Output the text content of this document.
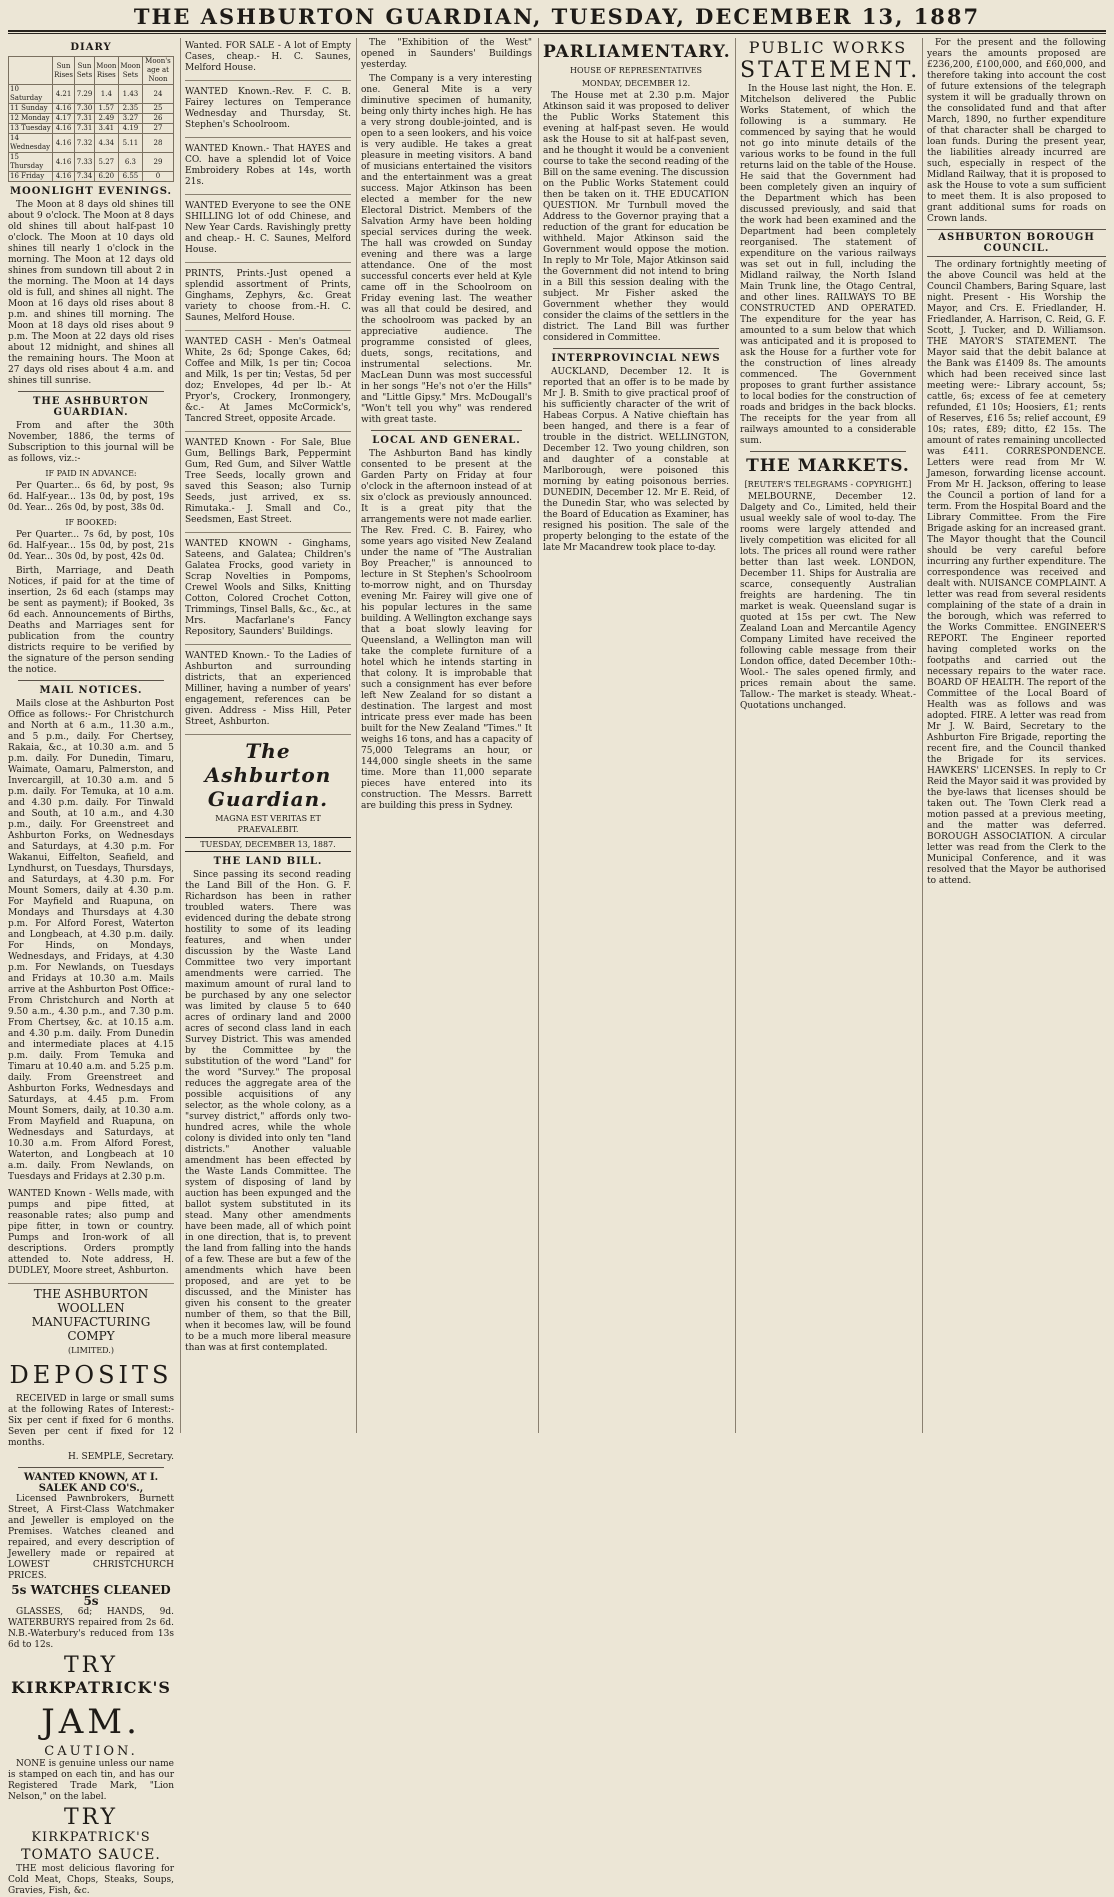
THE ASHBURTON GUARDIAN, TUESDAY, DECEMBER 13, 1887
DIARY
	Sun Rises	Sun Sets	Moon Rises	Moon Sets	Moon's age at Noon
10 Saturday	4.21	7.29	1.4	1.43	24
11 Sunday	4.16	7.30	1.57	2.35	25
12 Monday	4.17	7.31	2.49	3.27	26
13 Tuesday	4.16	7.31	3.41	4.19	27
14 Wednesday	4.16	7.32	4.34	5.11	28
15 Thursday	4.16	7.33	5.27	6.3	29
16 Friday	4.16	7.34	6.20	6.55	0
MOONLIGHT EVENINGS.

The Moon at 8 days old shines till about 9 o'clock. The Moon at 8 days old shines till about half-past 10 o'clock. The Moon at 10 days old shines till nearly 1 o'clock in the morning. The Moon at 12 days old shines from sundown till about 2 in the morning. The Moon at 14 days old is full, and shines all night. The Moon at 16 days old rises about 8 p.m. and shines till morning. The Moon at 18 days old rises about 9 p.m. The Moon at 22 days old rises about 12 midnight, and shines all the remaining hours. The Moon at 27 days old rises about 4 a.m. and shines till sunrise.

THE ASHBURTON GUARDIAN.

From and after the 30th November, 1886, the terms of Subscription to this journal will be as follows, viz.:-

IF PAID IN ADVANCE:

Per Quarter... 6s 6d, by post, 9s 6d. Half-year... 13s 0d, by post, 19s 0d. Year... 26s 0d, by post, 38s 0d.

IF BOOKED:

Per Quarter... 7s 6d, by post, 10s 6d. Half-year... 15s 0d, by post, 21s 0d. Year... 30s 0d, by post, 42s 0d.

Birth, Marriage, and Death Notices, if paid for at the time of insertion, 2s 6d each (stamps may be sent as payment); if Booked, 3s 6d each. Announcements of Births, Deaths and Marriages sent for publication from the country districts require to be verified by the signature of the person sending the notice.

MAIL NOTICES.

Mails close at the Ashburton Post Office as follows:- For Christchurch and North at 6 a.m., 11.30 a.m., and 5 p.m., daily. For Chertsey, Rakaia, &c., at 10.30 a.m. and 5 p.m. daily. For Dunedin, Timaru, Waimate, Oamaru, Palmerston, and Invercargill, at 10.30 a.m. and 5 p.m. daily. For Temuka, at 10 a.m. and 4.30 p.m. daily. For Tinwald and South, at 10 a.m., and 4.30 p.m., daily. For Greenstreet and Ashburton Forks, on Wednesdays and Saturdays, at 4.30 p.m. For Wakanui, Eiffelton, Seafield, and Lyndhurst, on Tuesdays, Thursdays, and Saturdays, at 4.30 p.m. For Mount Somers, daily at 4.30 p.m. For Mayfield and Ruapuna, on Mondays and Thursdays at 4.30 p.m. For Alford Forest, Waterton and Longbeach, at 4.30 p.m. daily. For Hinds, on Mondays, Wednesdays, and Fridays, at 4.30 p.m. For Newlands, on Tuesdays and Fridays at 10.30 a.m. Mails arrive at the Ashburton Post Office:- From Christchurch and North at 9.50 a.m., 4.30 p.m., and 7.30 p.m. From Chertsey, &c. at 10.15 a.m. and 4.30 p.m. daily. From Dunedin and intermediate places at 4.15 p.m. daily. From Temuka and Timaru at 10.40 a.m. and 5.25 p.m. daily. From Greenstreet and Ashburton Forks, Wednesdays and Saturdays, at 4.45 p.m. From Mount Somers, daily, at 10.30 a.m. From Mayfield and Ruapuna, on Wednesdays and Saturdays, at 10.30 a.m. From Alford Forest, Waterton, and Longbeach at 10 a.m. daily. From Newlands, on Tuesdays and Fridays at 2.30 p.m.

WANTED Known - Wells made, with pumps and pipe fitted, at reasonable rates; also pump and pipe fitter, in town or country. Pumps and Iron-work of all descriptions. Orders promptly attended to. Note address, H. DUDLEY, Moore street, Ashburton.

THE ASHBURTON WOOLLEN MANUFACTURING COMPY
(LIMITED.)
DEPOSITS

RECEIVED in large or small sums at the following Rates of Interest:- Six per cent if fixed for 6 months. Seven per cent if fixed for 12 months.

H. SEMPLE, Secretary.

WANTED KNOWN, AT I. SALEK AND CO'S.,

Licensed Pawnbrokers, Burnett Street, A First-Class Watchmaker and Jeweller is employed on the Premises. Watches cleaned and repaired, and every description of Jewellery made or repaired at LOWEST CHRISTCHURCH PRICES.

5s WATCHES CLEANED 5s

GLASSES, 6d; HANDS, 9d. WATERBURYS repaired from 2s 6d. N.B.-Waterbury's reduced from 13s 6d to 12s.

TRY
KIRKPATRICK'S
JAM.
CAUTION.

NONE is genuine unless our name is stamped on each tin, and has our Registered Trade Mark, "Lion Nelson," on the label.

TRY
KIRKPATRICK'S
TOMATO SAUCE.

THE most delicious flavoring for Cold Meat, Chops, Steaks, Soups, Gravies, Fish, &c.

Wanted. FOR SALE - A lot of Empty Cases, cheap.- H. C. Saunes, Melford House.

WANTED Known.-Rev. F. C. B. Fairey lectures on Temperance Wednesday and Thursday, St. Stephen's Schoolroom.

WANTED Known.- That HAYES and CO. have a splendid lot of Voice Embroidery Robes at 14s, worth 21s.

WANTED Everyone to see the ONE SHILLING lot of odd Chinese, and New Year Cards. Ravishingly pretty and cheap.- H. C. Saunes, Melford House.

PRINTS, Prints.-Just opened a splendid assortment of Prints, Ginghams, Zephyrs, &c. Great variety to choose from.-H. C. Saunes, Melford House.

WANTED CASH - Men's Oatmeal White, 2s 6d; Sponge Cakes, 6d; Coffee and Milk, 1s per tin; Cocoa and Milk, 1s per tin; Vestas, 5d per doz; Envelopes, 4d per lb.- At Pryor's, Crockery, Ironmongery, &c.- At James McCormick's, Tancred Street, opposite Arcade.

WANTED Known - For Sale, Blue Gum, Bellings Bark, Peppermint Gum, Red Gum, and Silver Wattle Tree Seeds, locally grown and saved this Season; also Turnip Seeds, just arrived, ex ss. Rimutaka.- J. Small and Co., Seedsmen, East Street.

WANTED KNOWN - Ginghams, Sateens, and Galatea; Children's Galatea Frocks, good variety in Scrap Novelties in Pompoms, Crewel Wools and Silks, Knitting Cotton, Colored Crochet Cotton, Trimmings, Tinsel Balls, &c., &c., at Mrs. Macfarlane's Fancy Repository, Saunders' Buildings.

WANTED Known.- To the Ladies of Ashburton and surrounding districts, that an experienced Milliner, having a number of years' engagement, references can be given. Address - Miss Hill, Peter Street, Ashburton.

The Ashburton Guardian.
MAGNA EST VERITAS ET PRAEVALEBIT.
TUESDAY, DECEMBER 13, 1887.
THE LAND BILL.

Since passing its second reading the Land Bill of the Hon. G. F. Richardson has been in rather troubled waters. There was evidenced during the debate strong hostility to some of its leading features, and when under discussion by the Waste Land Committee two very important amendments were carried. The maximum amount of rural land to be purchased by any one selector was limited by clause 5 to 640 acres of ordinary land and 2000 acres of second class land in each Survey District. This was amended by the Committee by the substitution of the word "Land" for the word "Survey." The proposal reduces the aggregate area of the possible acquisitions of any selector, as the whole colony, as a "survey district," affords only two-hundred acres, while the whole colony is divided into only ten "land districts." Another valuable amendment has been effected by the Waste Lands Committee. The system of disposing of land by auction has been expunged and the ballot system substituted in its stead. Many other amendments have been made, all of which point in one direction, that is, to prevent the land from falling into the hands of a few. These are but a few of the amendments which have been proposed, and are yet to be discussed, and the Minister has given his consent to the greater number of them, so that the Bill, when it becomes law, will be found to be a much more liberal measure than was at first contemplated.

The "Exhibition of the West" opened in Saunders' Buildings yesterday.

The Company is a very interesting one. General Mite is a very diminutive specimen of humanity, being only thirty inches high. He has a very strong double-jointed, and is open to a seen lookers, and his voice is very audible. He takes a great pleasure in meeting visitors. A band of musicians entertained the visitors and the entertainment was a great success. Major Atkinson has been elected a member for the new Electoral District. Members of the Salvation Army have been holding special services during the week. The hall was crowded on Sunday evening and there was a large attendance. One of the most successful concerts ever held at Kyle came off in the Schoolroom on Friday evening last. The weather was all that could be desired, and the schoolroom was packed by an appreciative audience. The programme consisted of glees, duets, songs, recitations, and instrumental selections. Mr. MacLean Dunn was most successful in her songs "He's not o'er the Hills" and "Little Gipsy." Mrs. McDougall's "Won't tell you why" was rendered with great taste.

LOCAL AND GENERAL.

The Ashburton Band has kindly consented to be present at the Garden Party on Friday at four o'clock in the afternoon instead of at six o'clock as previously announced. It is a great pity that the arrangements were not made earlier. The Rev. Fred. C. B. Fairey, who some years ago visited New Zealand under the name of "The Australian Boy Preacher," is announced to lecture in St Stephen's Schoolroom to-morrow night, and on Thursday evening Mr. Fairey will give one of his popular lectures in the same building. A Wellington exchange says that a boat slowly leaving for Queensland, a Wellington man will take the complete furniture of a hotel which he intends starting in that colony. It is improbable that such a consignment has ever before left New Zealand for so distant a destination. The largest and most intricate press ever made has been built for the New Zealand "Times." It weighs 16 tons, and has a capacity of 75,000 Telegrams an hour, or 144,000 single sheets in the same time. More than 11,000 separate pieces have entered into its construction. The Messrs. Barrett are building this press in Sydney.

PARLIAMENTARY.
HOUSE OF REPRESENTATIVES
MONDAY, DECEMBER 12.

The House met at 2.30 p.m. Major Atkinson said it was proposed to deliver the Public Works Statement this evening at half-past seven. He would ask the House to sit at half-past seven, and he thought it would be a convenient course to take the second reading of the Bill on the same evening. The discussion on the Public Works Statement could then be taken on it. THE EDUCATION QUESTION. Mr Turnbull moved the Address to the Governor praying that a reduction of the grant for education be withheld. Major Atkinson said the Government would oppose the motion. In reply to Mr Tole, Major Atkinson said the Government did not intend to bring in a Bill this session dealing with the subject. Mr Fisher asked the Government whether they would consider the claims of the settlers in the district. The Land Bill was further considered in Committee.

INTERPROVINCIAL NEWS

AUCKLAND, December 12. It is reported that an offer is to be made by Mr J. B. Smith to give practical proof of his sufficiently character of the writ of Habeas Corpus. A Native chieftain has been hanged, and there is a fear of trouble in the district. WELLINGTON, December 12. Two young children, son and daughter of a constable at Marlborough, were poisoned this morning by eating poisonous berries. DUNEDIN, December 12. Mr E. Reid, of the Dunedin Star, who was selected by the Board of Education as Examiner, has resigned his position. The sale of the property belonging to the estate of the late Mr Macandrew took place to-day.

PUBLIC WORKS
STATEMENT.

In the House last night, the Hon. E. Mitchelson delivered the Public Works Statement, of which the following is a summary. He commenced by saying that he would not go into minute details of the various works to be found in the full returns laid on the table of the House. He said that the Government had been completely given an inquiry of the Department which has been discussed previously, and said that the work had been examined and the Department had been completely reorganised. The statement of expenditure on the various railways was set out in full, including the Midland railway, the North Island Main Trunk line, the Otago Central, and other lines. RAILWAYS TO BE CONSTRUCTED AND OPERATED. The expenditure for the year has amounted to a sum below that which was anticipated and it is proposed to ask the House for a further vote for the construction of lines already commenced. The Government proposes to grant further assistance to local bodies for the construction of roads and bridges in the back blocks. The receipts for the year from all railways amounted to a considerable sum.

THE MARKETS.
[REUTER'S TELEGRAMS - COPYRIGHT.]

MELBOURNE, December 12. Dalgety and Co., Limited, held their usual weekly sale of wool to-day. The rooms were largely attended and lively competition was elicited for all lots. The prices all round were rather better than last week. LONDON, December 11. Ships for Australia are scarce, consequently Australian freights are hardening. The tin market is weak. Queensland sugar is quoted at 15s per cwt. The New Zealand Loan and Mercantile Agency Company Limited have received the following cable message from their London office, dated December 10th:- Wool.- The sales opened firmly, and prices remain about the same. Tallow.- The market is steady. Wheat.- Quotations unchanged.

For the present and the following years the amounts proposed are £236,200, £100,000, and £60,000, and therefore taking into account the cost of future extensions of the telegraph system it will be gradually thrown on the consolidated fund and that after March, 1890, no further expenditure of that character shall be charged to loan funds. During the present year, the liabilities already incurred are such, especially in respect of the Midland Railway, that it is proposed to ask the House to vote a sum sufficient to meet them. It is also proposed to grant additional sums for roads on Crown lands.

ASHBURTON BOROUGH COUNCIL.

The ordinary fortnightly meeting of the above Council was held at the Council Chambers, Baring Square, last night. Present - His Worship the Mayor, and Crs. E. Friedlander, H. Friedlander, A. Harrison, C. Reid, G. F. Scott, J. Tucker, and D. Williamson. THE MAYOR'S STATEMENT. The Mayor said that the debit balance at the Bank was £1409 8s. The amounts which had been received since last meeting were:- Library account, 5s; cattle, 6s; excess of fee at cemetery refunded, £1 10s; Hoosiers, £1; rents of Reserves, £16 5s; relief account, £9 10s; rates, £89; ditto, £2 15s. The amount of rates remaining uncollected was £411. CORRESPONDENCE. Letters were read from Mr W. Jameson, forwarding license account. From Mr H. Jackson, offering to lease the Council a portion of land for a term. From the Hospital Board and the Library Committee. From the Fire Brigade asking for an increased grant. The Mayor thought that the Council should be very careful before incurring any further expenditure. The correspondence was received and dealt with. NUISANCE COMPLAINT. A letter was read from several residents complaining of the state of a drain in the borough, which was referred to the Works Committee. ENGINEER'S REPORT. The Engineer reported having completed works on the footpaths and carried out the necessary repairs to the water race. BOARD OF HEALTH. The report of the Committee of the Local Board of Health was as follows and was adopted. FIRE. A letter was read from Mr J. W. Baird, Secretary to the Ashburton Fire Brigade, reporting the recent fire, and the Council thanked the Brigade for its services. HAWKERS' LICENSES. In reply to Cr Reid the Mayor said it was provided by the bye-laws that licenses should be taken out. The Town Clerk read a motion passed at a previous meeting, and the matter was deferred. BOROUGH ASSOCIATION. A circular letter was read from the Clerk to the Municipal Conference, and it was resolved that the Mayor be authorised to attend.
